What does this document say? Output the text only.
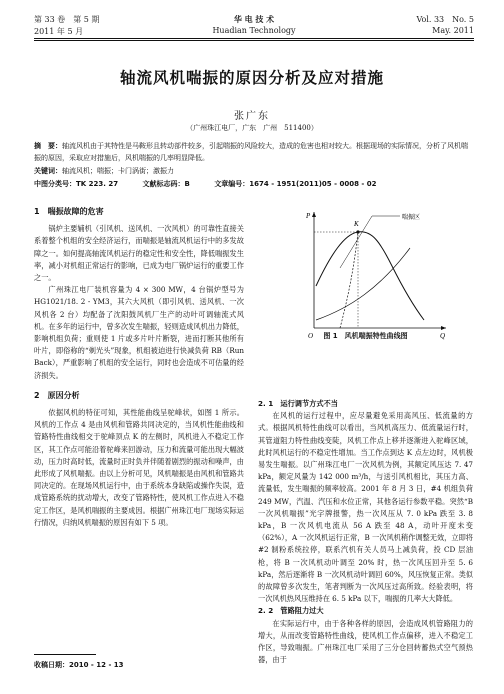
第 33 卷　第 5 期	华 电 技 术	Vol. 33　No. 5
2011 年 5 月	Huadian Technology	May. 2011
轴流风机喘振的原因分析及应对措施
张广东
（广州珠江电厂，广东　广州　511400）
摘　要：轴流风机由于其特性是马鞍形且转动部件较多，引起喘振的风险较大，造成的危害也相对较大。根据现场的实际情况，分析了风机喘振的原因，采取应对措施后，风机喘振的几率明显降低。
关键词：轴流风机；喘振；卡门涡街；激振力
中图分类号：TK 223. 27	文献标志码：B	文章编号：1674 - 1951(2011)05 - 0008 - 02
1　喘振故障的危害

锅炉主要辅机（引风机、送风机、一次风机）的可靠性直接关系着整个机组的安全经济运行，而喘振是轴流风机运行中的多发故障之一。如何提高轴流风机运行的稳定性和安全性，降低喘振发生率，减小对机组正常运行的影响，已成为电厂锅炉运行的重要工作之一。

广州珠江电厂装机容量为 4 × 300 MW，4 台锅炉型号为 HG1021/18. 2 - YM3，其六大风机（即引风机、送风机、一次风机各 2 台）均配备了沈阳鼓风机厂生产的动叶可调轴流式风机。在多年的运行中，曾多次发生喘振，轻则造成风机出力降低，影响机组负荷；重则使 1 片或多片叶片断裂，进而打断其他所有叶片，即俗称的“剃光头”现象，机组被迫进行快减负荷 RB（Run Back），严重影响了机组的安全运行，同时也会造成不可估量的经济损失。

2　原因分析

依据风机的特征可知，其性能曲线呈驼峰状，如图 1 所示。风机的工作点 4 是由风机和管路共同决定的，当风机性能曲线和管路特性曲线相交于驼峰顶点 K 的左侧时，风机进入不稳定工作区，其工作点可能沿着驼峰来回游动，压力和流量可能出现大幅波动，压力时高时低，流量时正时负并伴随着剧烈的振动和噪声，由此形成了风机喘振。由以上分析可见，风机喘振是由风机和管路共同决定的。在现场风机运行中，由于系统本身缺陷或操作失误，造成管路系统的扰动增大，改变了管路特性，使风机工作点进入不稳定工作区，是风机喘振的主要成因。根据广州珠江电厂现场实际运行情况，归纳风机喘振的原因有如下 5 项。

收稿日期：2010 - 12 - 13
P
K
喘振区
O	Q
图 1　风机喘振特性曲线图
2. 1　运行调节方式不当

在风机的运行过程中，应尽量避免采用高风压、低流量的方式。根据风机特性曲线可以看出，当风机高压力、低流量运行时，其管道阻力特性曲线变陡，风机工作点上移并逐渐进入驼峰区域，此时风机运行的不稳定性增加。当工作点到达 K 点左边时，风机极易发生喘振。以广州珠江电厂一次风机为例，其额定风压达 7. 47 kPa，额定风量为 142 000 m³/h，与送引风机相比，其压力高、流量低，发生喘振的频率较高。2001 年 8 月 3 日，#4 机组负荷 249 MW，汽温、汽压和水位正常，其他各运行参数平稳。突然“B 一次风机喘振”光字牌报警，热一次风压从 7. 0 kPa 跌至 3. 8 kPa，B 一次风机电流从 56 A 跌至 48 A，动叶开度未变（62%），A 一次风机运行正常，B 一次风机稍作调整无效，立即将 #2 制粉系统拉停，联系汽机有关人员马上减负荷，投 CD 层油枪，将 B 一次风机动叶调至 20% 时，热一次风压回升至 5. 6 kPa，然后逐渐将 B 一次风机动叶调回 60%，风压恢复正常。类似的故障曾多次发生，笔者判断为一次风压过高所致。经验表明，将一次风机热风压维持在 6. 5 kPa 以下，喘振的几率大大降低。

2. 2　管路阻力过大

在实际运行中，由于各种各样的原因，会造成风机管路阻力的增大，从而改变管路特性曲线，使风机工作点偏移，进入不稳定工作区，导致喘振。广州珠江电厂采用了三分仓回转蓄热式空气预热器，由于
